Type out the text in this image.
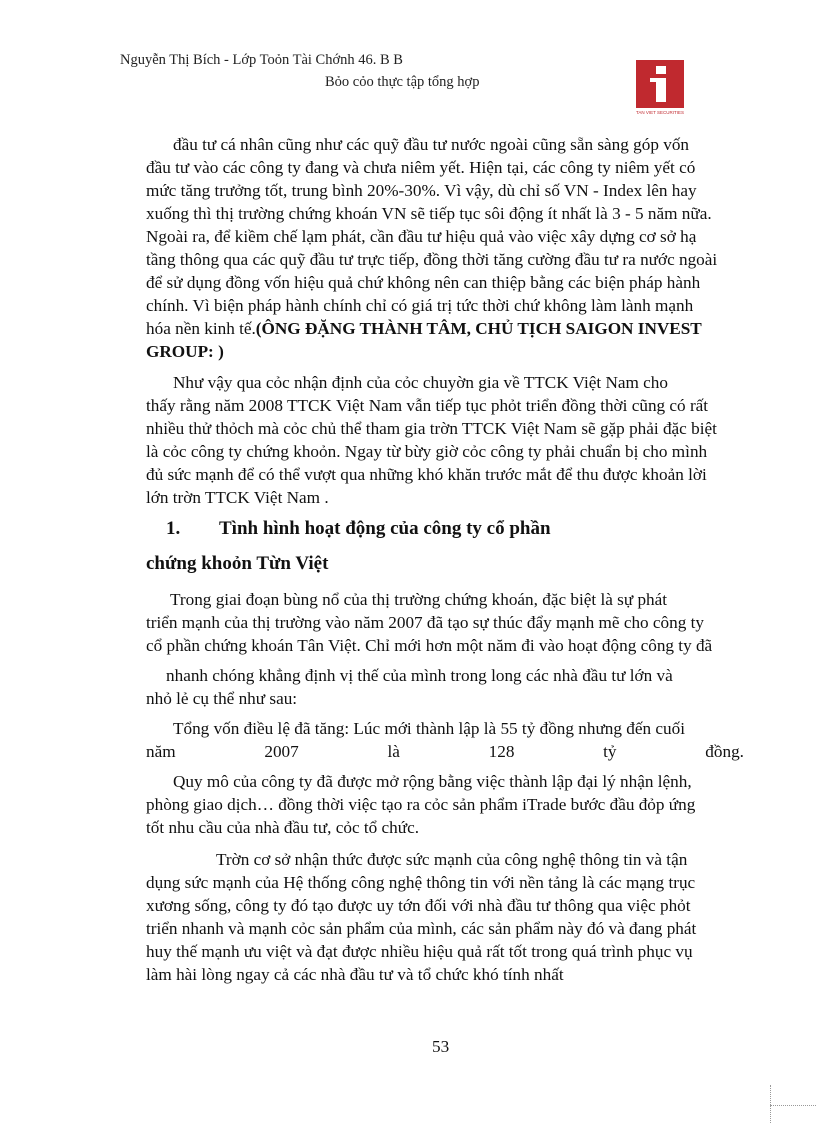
Nguyễn Thị Bích - Lớp Toỏn Tài Chớnh 46. B B
Bỏo cỏo thực tập tổng hợp
TAN VIET SECURITIES
đầu tư cá nhân cũng như các quỹ đầu tư nước ngoài cũng sẵn sàng góp vốn
đầu tư vào các công ty đang và chưa niêm yết. Hiện tại, các công ty niêm yết có
mức tăng trưởng tốt, trung bình 20%-30%. Vì vậy, dù chỉ số VN - Index lên hay
xuống thì thị trường chứng khoán VN sẽ tiếp tục sôi động ít nhất là 3 - 5 năm nữa.
Ngoài ra, để kiềm chế lạm phát, cần đầu tư hiệu quả vào việc xây dựng cơ sở hạ
tầng thông qua các quỹ đầu tư trực tiếp, đồng thời tăng cường đầu tư ra nước ngoài
để sử dụng đồng vốn hiệu quả chứ không nên can thiệp bằng các biện pháp hành
chính. Vì biện pháp hành chính chỉ có giá trị tức thời chứ không làm lành mạnh
hóa nền kinh tế.(ÔNG ĐẶNG THÀNH TÂM, CHỦ TỊCH SAIGON INVEST
GROUP: )
Như vậy qua cỏc nhận định của cỏc chuyờn gia về TTCK Việt Nam cho
thấy rằng năm 2008 TTCK Việt Nam vẫn tiếp tục phỏt triển đồng thời cũng có rất
nhiều thử thỏch mà cỏc chủ thể tham gia trờn TTCK Việt Nam sẽ gặp phải đặc biệt
là cỏc công ty chứng khoỏn. Ngay từ bừy giờ cỏc công ty phải chuẩn bị cho mình
đủ sức mạnh để có thể vượt qua những khó khăn trước mắt để thu được khoản lời
lớn trờn TTCK Việt Nam .
1. Tình hình hoạt động của công ty cổ phần
chứng khoỏn Từn Việt
Trong giai đoạn bùng nổ của thị trường chứng khoán, đặc biệt là sự phát
triển mạnh của thị trường vào năm 2007 đã tạo sự thúc đẩy mạnh mẽ cho công ty
cổ phần chứng khoán Tân Việt. Chỉ mới hơn một năm đi vào hoạt động công ty đã
nhanh chóng khẳng định vị thế của mình trong long các nhà đầu tư lớn và
nhỏ lẻ cụ thể như sau:
Tổng vốn điều lệ đã tăng: Lúc mới thành lập là 55 tỷ đồng nhưng đến cuối
năm	2007	là	128	tỷ	đồng.
Quy mô của công ty đã được mở rộng bằng việc thành lập đại lý nhận lệnh,
phòng giao dịch… đồng thời việc tạo ra cỏc sản phẩm iTrade bước đầu đỏp ứng
tốt nhu cầu của nhà đầu tư, cỏc tổ chức.
Trờn cơ sở nhận thức được sức mạnh của công nghệ thông tin và tận
dụng sức mạnh của Hệ thống công nghệ thông tin với nền tảng là các mạng trục
xương sống, công ty đó tạo được uy tớn đối với nhà đầu tư thông qua việc phỏt
triển nhanh và mạnh cỏc sản phẩm của mình, các sản phẩm này đó và đang phát
huy thế mạnh ưu việt và đạt được nhiều hiệu quả rất tốt trong quá trình phục vụ
làm hài lòng ngay cả các nhà đầu tư và tổ chức khó tính nhất
53
